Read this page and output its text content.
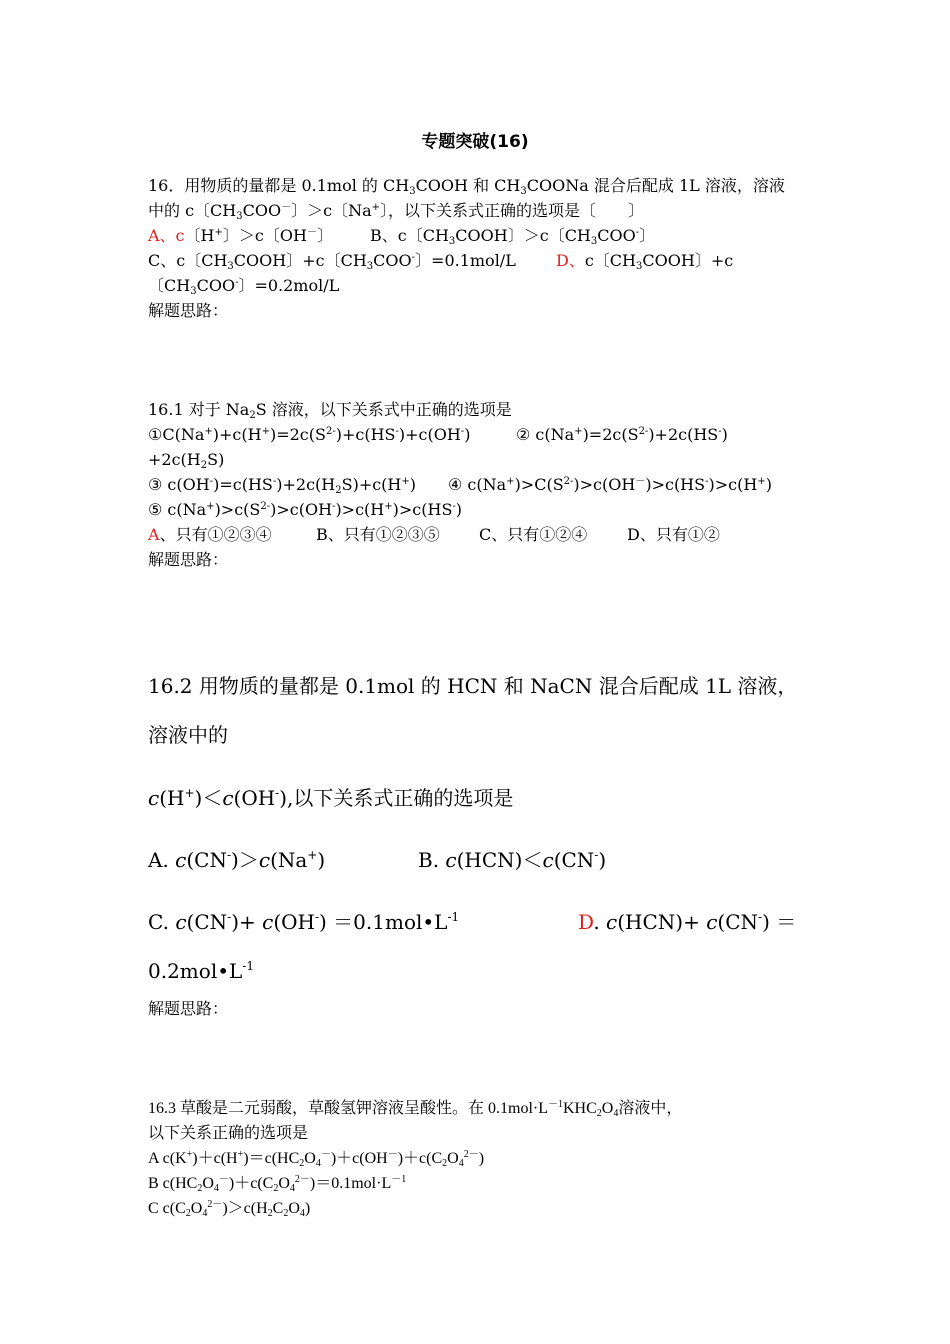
专题突破(16)
16．用物质的量都是 0.1mol 的 $CH_3COOH$ 和 $CH_3COONa$ 混合后配成 1L 溶液，溶液
中的 c〔$CH_3COO^-$〕＞c〔Na+〕，以下关系式正确的选项是〔　　〕
A、c〔H+〕＞c〔OH－〕 B、c〔$CH_3COOH$〕＞c〔$CH_3COO^-$〕
C、c〔$CH_3COOH$〕+c〔$CH_3COO^-$〕=0.1mol/L	D、c〔$CH_3COOH$〕+c
〔$CH_3COO^-$〕=0.2mol/L
解题思路：
16.1 对于 $Na_2S$ 溶液，以下关系式中正确的选项是
$①C(Na^+)+c(H^+)=2c(S^{2-})+c(HS^-)+c(OH^-)$	② $c(Na^+)=2c(S^{2-})+2c(HS^-)$
$+2c(H_2S)$
③ $c(OH^-)=c(HS^-)+2c(H_2S)+c(H^+)$ ④ $c(Na^+)>C(S^{2-})>c(OH^-)>c(HS^-)>c(H^+)$
⑤ $c(Na^+)>c(S^{2-})>c(OH^-)>c(H^+)>c(HS^-)$
A、只有①②③④	B、只有①②③⑤ C、只有①②④ D、只有①②
解题思路：
16.2 用物质的量都是 0.1mol 的 HCN 和 NaCN 混合后配成 1L 溶液，
溶液中的
c(H+)＜c(OH-),以下关系式正确的选项是
A. c(CN-)＞c(Na+)	B. c(HCN)＜c(CN-)
C. $c(CN^-)+ c(OH^-) =0.1mol•L^{-1}$	D. c(HCN)+ c(CN-) ＝
$0.2mol•L^{-1}$
解题思路：
16.3 草酸是二元弱酸，草酸氢钾溶液呈酸性。在 $0.1mol\cdot L^{-1}KHC_2O_4$溶液中，
以下关系正确的选项是
A $c(K^+)+c(H^+)=c(HC_2O_4^-)+c(OH^-)+c(C_2O_4^{2-})$
B $c(HC_2O_4^-)+c(C_2O_4^{2-})=0.1mol\cdot L^{-1}$
C $c(C_2O_4^{2-})>c(H_2C_2O_4)$
